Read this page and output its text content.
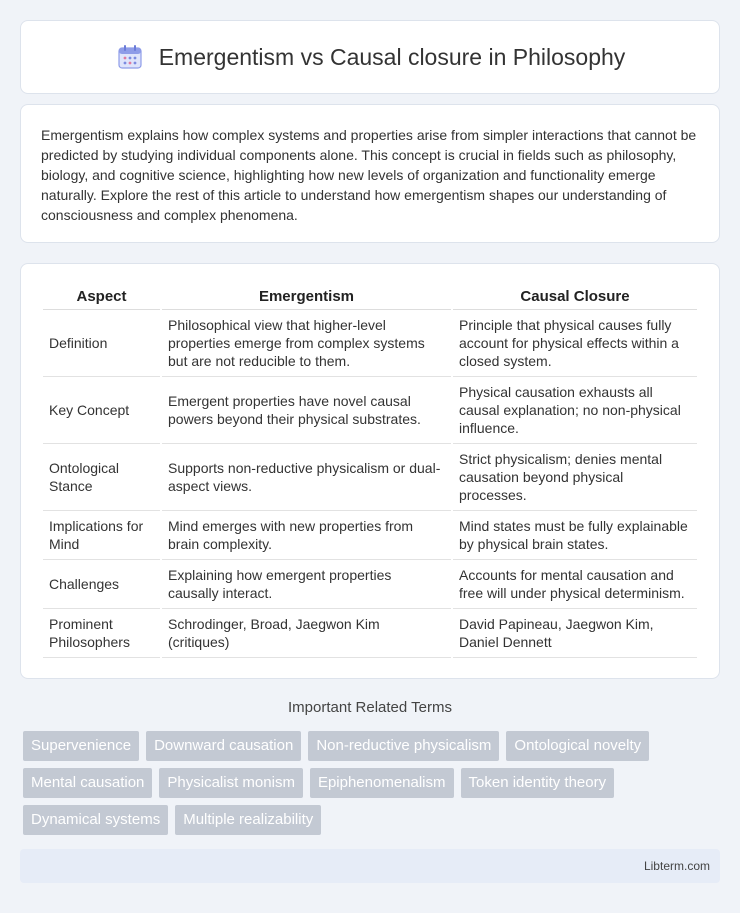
Emergentism vs Causal closure in Philosophy

Emergentism explains how complex systems and properties arise from simpler interactions that cannot be predicted by studying individual components alone. This concept is crucial in fields such as philosophy, biology, and cognitive science, highlighting how new levels of organization and functionality emerge naturally. Explore the rest of this article to understand how emergentism shapes our understanding of consciousness and complex phenomena.

Aspect	Emergentism	Causal Closure
Definition	Philosophical view that higher-level properties emerge from complex systems but are not reducible to them.	Principle that physical causes fully account for physical effects within a closed system.
Key Concept	Emergent properties have novel causal powers beyond their physical substrates.	Physical causation exhausts all causal explanation; no non-physical influence.
Ontological Stance	Supports non-reductive physicalism or dual-aspect views.	Strict physicalism; denies mental causation beyond physical processes.
Implications for Mind	Mind emerges with new properties from brain complexity.	Mind states must be fully explainable by physical brain states.
Challenges	Explaining how emergent properties causally interact.	Accounts for mental causation and free will under physical determinism.
Prominent Philosophers	Schrodinger, Broad, Jaegwon Kim (critiques)	David Papineau, Jaegwon Kim, Daniel Dennett
Important Related Terms
Supervenience	Downward causation	Non-reductive physicalism	Ontological novelty
Mental causation	Physicalist monism	Epiphenomenalism	Token identity theory
Dynamical systems	Multiple realizability
Libterm.com
